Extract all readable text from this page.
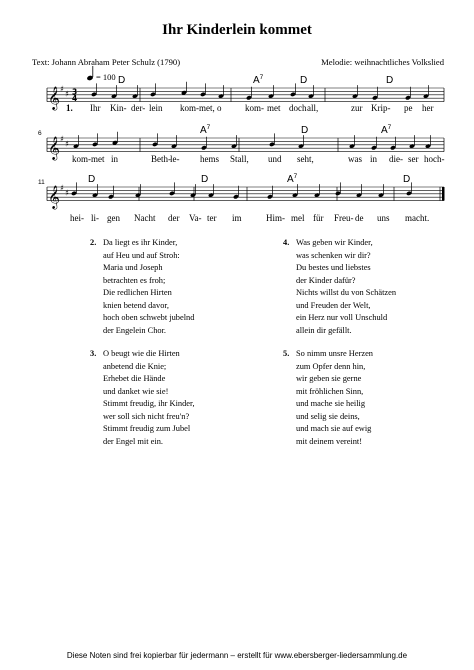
Ihr Kinderlein kommet
Text: Johann Abraham Peter Schulz (1790)	Melodie: weihnachtliches Volkslied
= 100
𝄞 ♯
♯ 3
4
D	$A^7$	D	D
1. Ihr Kin- der- lein kom- met, o	kom- met doch all,	zur Krip- pe her
𝄞 ♯
♯
$A^7$	D	$A^7$
kom- met in	Beth- le- hems Stall, und seht,	was in die- ser hoch-
6
𝄞 ♯
♯
D	D	$A^7$	D
hei- li- gen Nacht der Va- ter im	Him- mel für Freu- de uns macht.
11
2. Da liegt es ihr Kinder,
auf Heu und auf Stroh:
Maria und Joseph
betrachten es froh;
Die redlichen Hirten
knien betend davor,
hoch oben schwebt jubelnd
der Engelein Chor.
4. Was geben wir Kinder,
was schenken wir dir?
Du bestes und liebstes
der Kinder dafür?
Nichts willst du von Schätzen
und Freuden der Welt,
ein Herz nur voll Unschuld
allein dir gefällt.
3. O beugt wie die Hirten
anbetend die Knie;
Erhebet die Hände
und danket wie sie!
Stimmt freudig, ihr Kinder,
wer soll sich nicht freu'n?
Stimmt freudig zum Jubel
der Engel mit ein.
5. So nimm unsre Herzen
zum Opfer denn hin,
wir geben sie gerne
mit fröhlichen Sinn,
und mache sie heilig
und selig sie deins,
und mach sie auf ewig
mit deinem vereint!
Diese Noten sind frei kopierbar für jedermann – erstellt für www.ebersberger-liedersammlung.de
